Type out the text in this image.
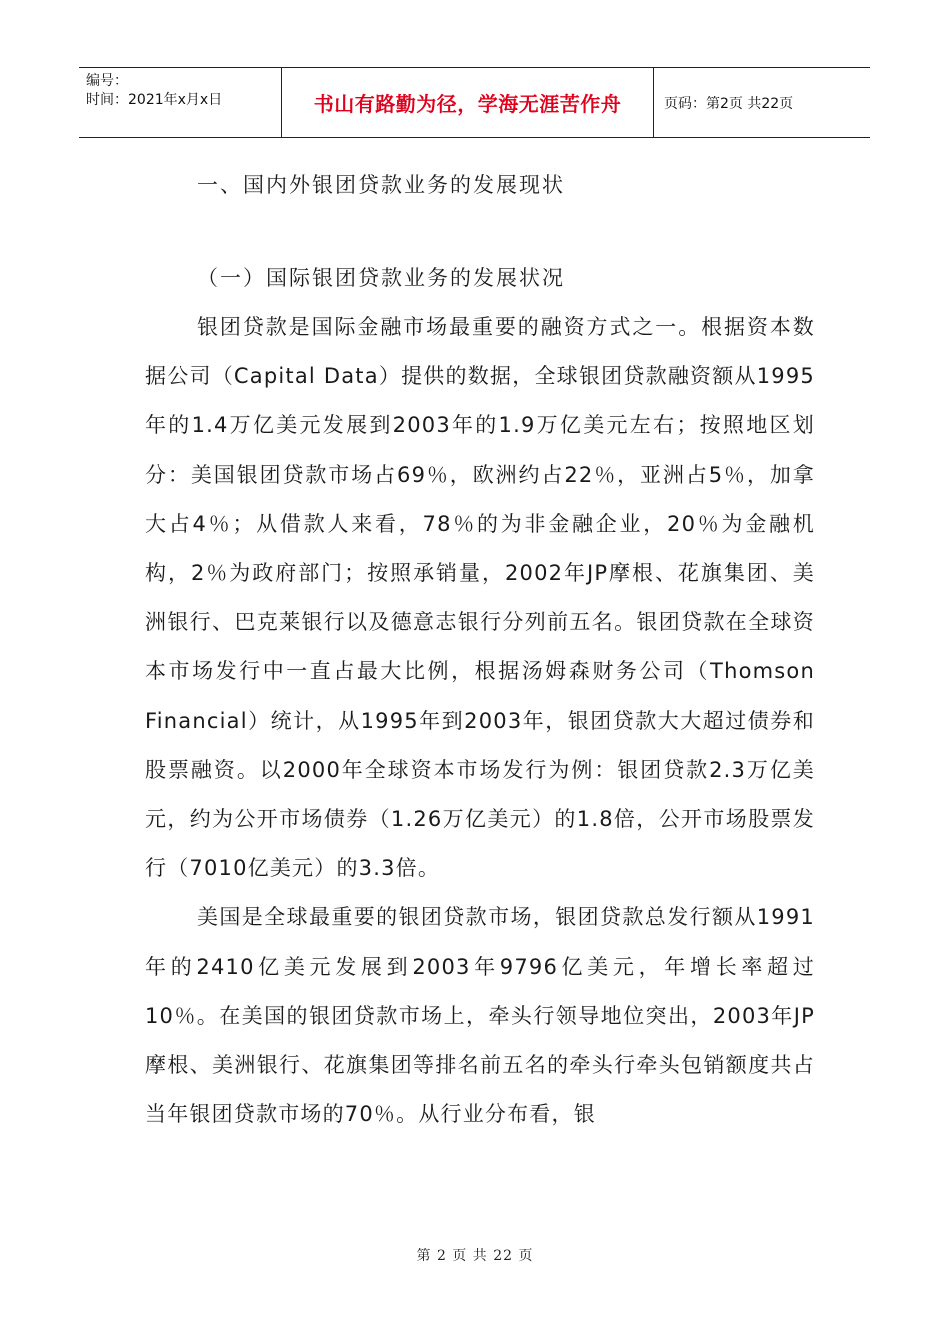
编号：
时间：2021年x月x日	书山有路勤为径，学海无涯苦作舟	页码：第2页 共22页

一、国内外银团贷款业务的发展现状

（一）国际银团贷款业务的发展状况

银团贷款是国际金融市场最重要的融资方式之一。根据资本数据公司（Capital Data）提供的数据，全球银团贷款融资额从1995年的1.4万亿美元发展到2003年的1.9万亿美元左右；按照地区划分：美国银团贷款市场占69％，欧洲约占22％，亚洲占5％，加拿大占4％；从借款人来看，78％的为非金融企业，20％为金融机构，2％为政府部门；按照承销量，2002年JP摩根、花旗集团、美洲银行、巴克莱银行以及德意志银行分列前五名。银团贷款在全球资本市场发行中一直占最大比例，根据汤姆森财务公司（Thomson Financial）统计，从1995年到2003年，银团贷款大大超过债券和股票融资。以2000年全球资本市场发行为例：银团贷款2.3万亿美元，约为公开市场债券（1.26万亿美元）的1.8倍，公开市场股票发行（7010亿美元）的3.3倍。

美国是全球最重要的银团贷款市场，银团贷款总发行额从1991年的2410亿美元发展到2003年9796亿美元，年增长率超过10％。在美国的银团贷款市场上，牵头行领导地位突出，2003年JP摩根、美洲银行、花旗集团等排名前五名的牵头行牵头包销额度共占当年银团贷款市场的70％。从行业分布看，银

第 2 页 共 22 页
